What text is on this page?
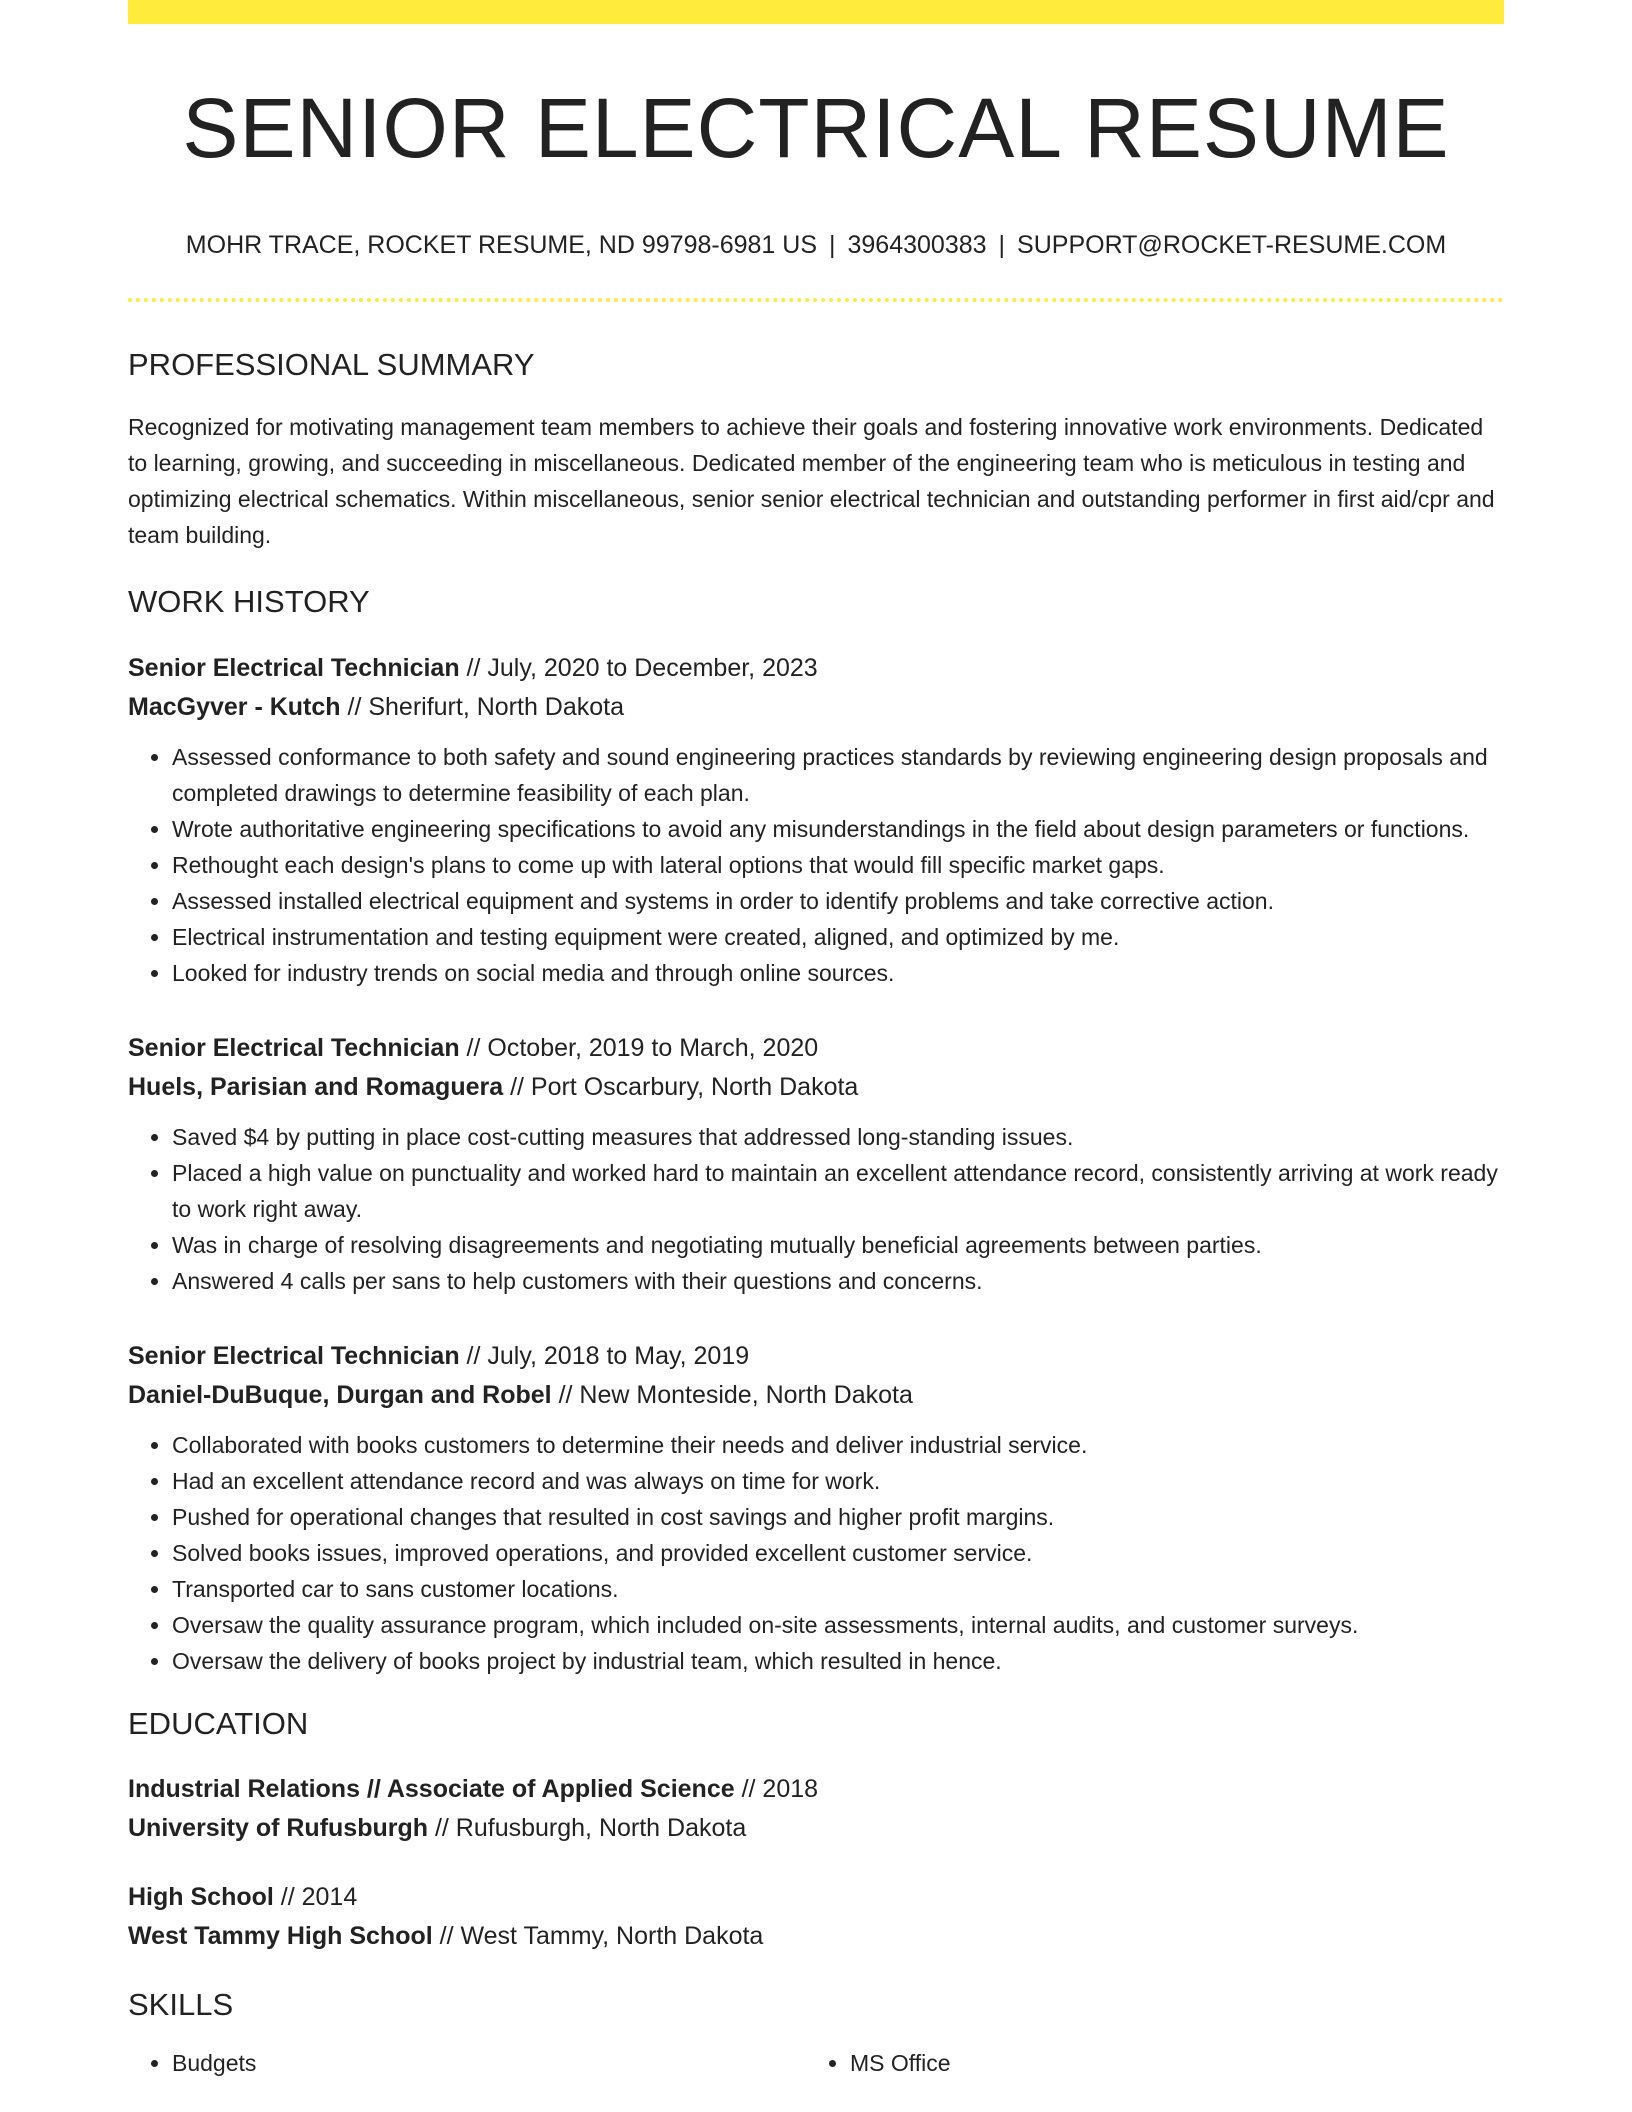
SENIOR ELECTRICAL RESUME
MOHR TRACE, ROCKET RESUME, ND 99798-6981 US | 3964300383 | SUPPORT@ROCKET-RESUME.COM
PROFESSIONAL SUMMARY

Recognized for motivating management team members to achieve their goals and fostering innovative work environments. Dedicated to learning, growing, and succeeding in miscellaneous. Dedicated member of the engineering team who is meticulous in testing and optimizing electrical schematics. Within miscellaneous, senior senior electrical technician and outstanding performer in first aid/cpr and team building.

WORK HISTORY
Senior Electrical Technician // July, 2020 to December, 2023
MacGyver - Kutch // Sherifurt, North Dakota
• Assessed conformance to both safety and sound engineering practices standards by reviewing engineering design proposals and completed drawings to determine feasibility of each plan.
• Wrote authoritative engineering specifications to avoid any misunderstandings in the field about design parameters or functions.
• Rethought each design's plans to come up with lateral options that would fill specific market gaps.
• Assessed installed electrical equipment and systems in order to identify problems and take corrective action.
• Electrical instrumentation and testing equipment were created, aligned, and optimized by me.
• Looked for industry trends on social media and through online sources.
Senior Electrical Technician // October, 2019 to March, 2020
Huels, Parisian and Romaguera // Port Oscarbury, North Dakota
• Saved $4 by putting in place cost-cutting measures that addressed long-standing issues.
• Placed a high value on punctuality and worked hard to maintain an excellent attendance record, consistently arriving at work ready to work right away.
• Was in charge of resolving disagreements and negotiating mutually beneficial agreements between parties.
• Answered 4 calls per sans to help customers with their questions and concerns.
Senior Electrical Technician // July, 2018 to May, 2019
Daniel-DuBuque, Durgan and Robel // New Monteside, North Dakota
• Collaborated with books customers to determine their needs and deliver industrial service.
• Had an excellent attendance record and was always on time for work.
• Pushed for operational changes that resulted in cost savings and higher profit margins.
• Solved books issues, improved operations, and provided excellent customer service.
• Transported car to sans customer locations.
• Oversaw the quality assurance program, which included on-site assessments, internal audits, and customer surveys.
• Oversaw the delivery of books project by industrial team, which resulted in hence.
EDUCATION
Industrial Relations // Associate of Applied Science // 2018
University of Rufusburgh // Rufusburgh, North Dakota
High School // 2014
West Tammy High School // West Tammy, North Dakota
SKILLS
• Budgets
•	MS Office
